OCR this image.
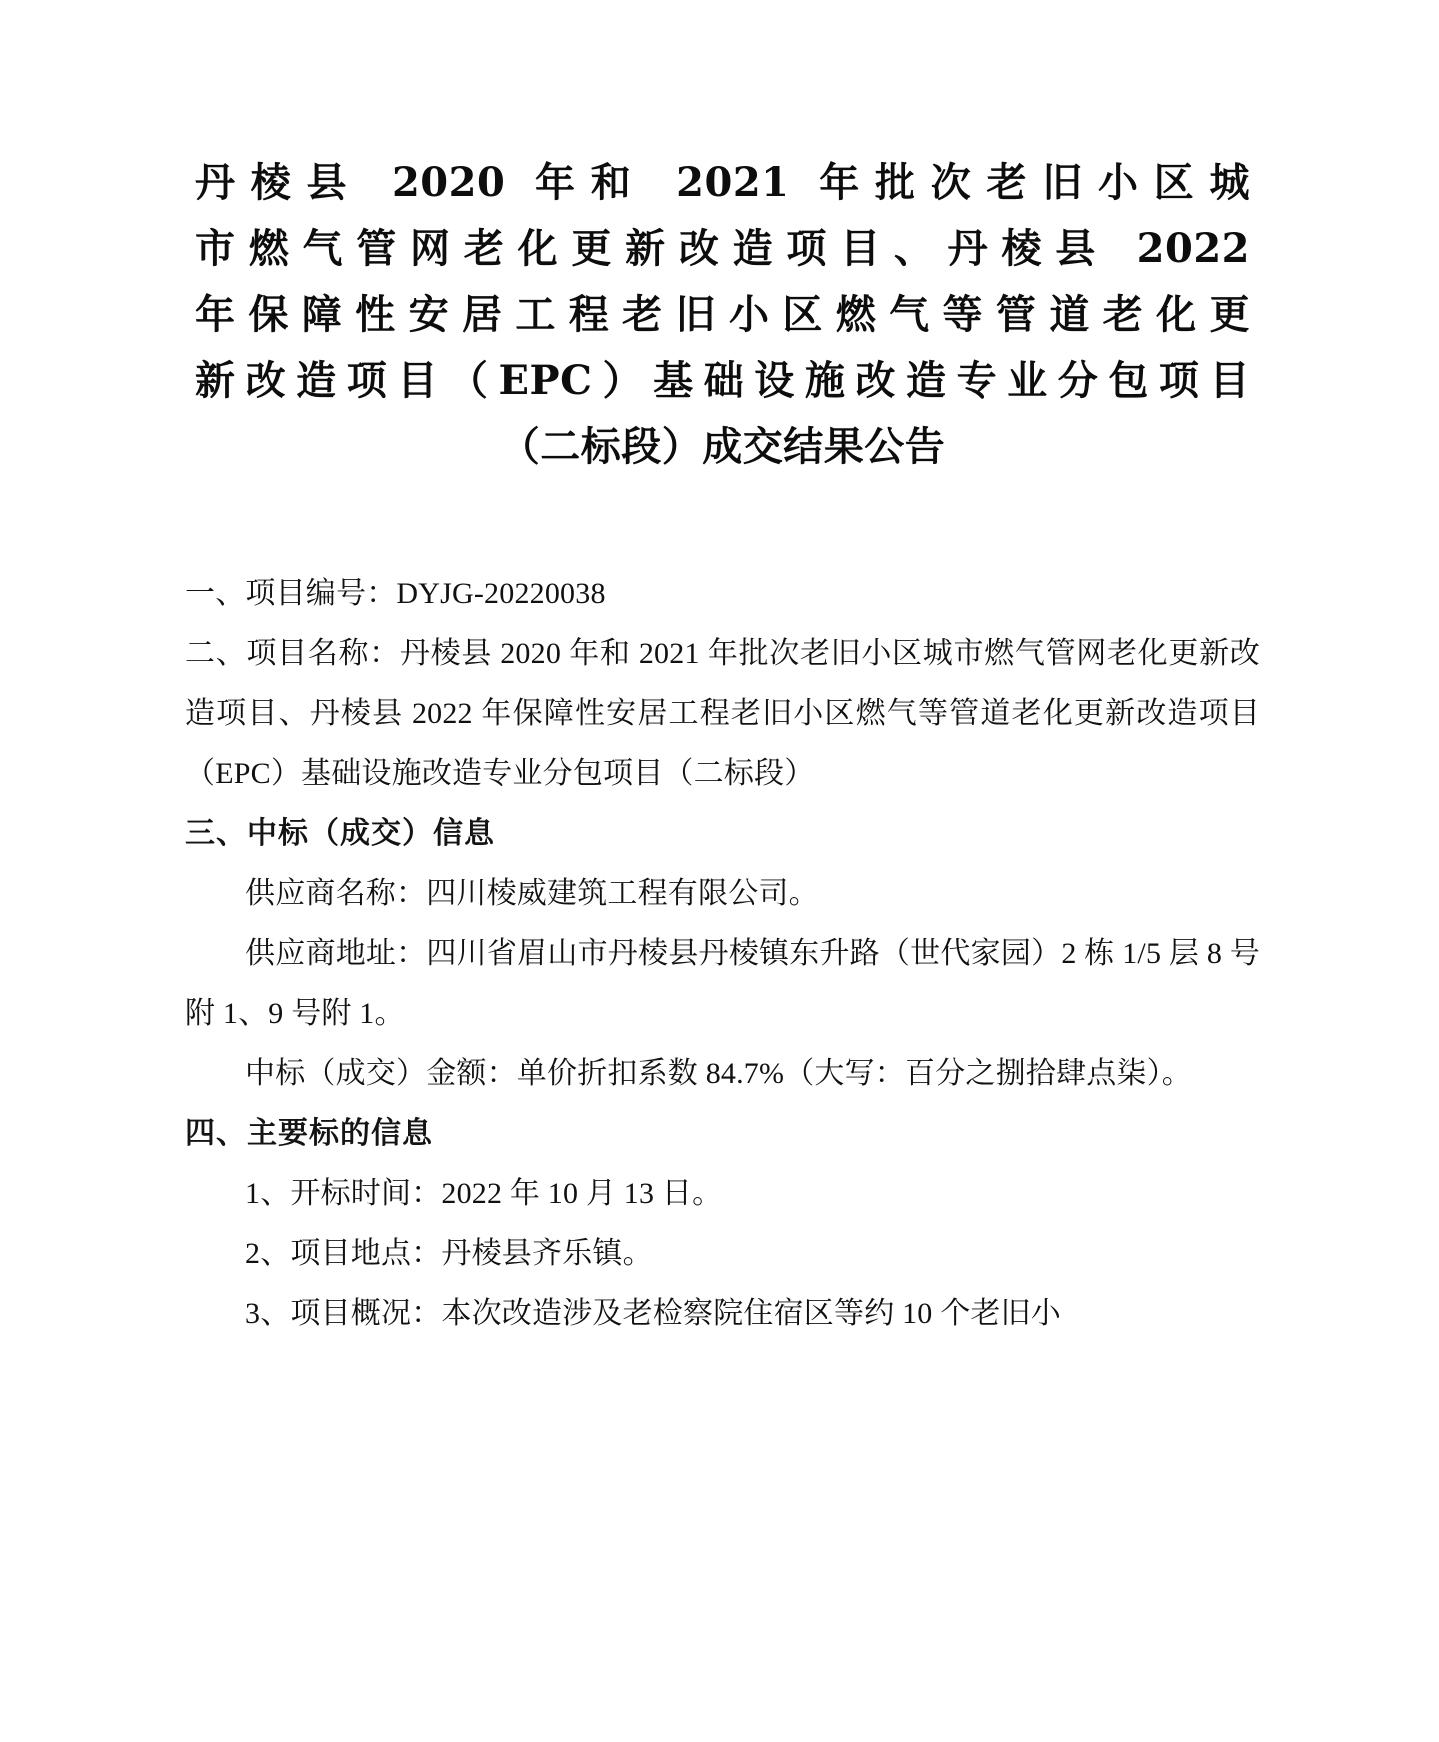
丹棱县 2020 年和 2021 年批次老旧小区城
市燃气管网老化更新改造项目、丹棱县 2022
年保障性安居工程老旧小区燃气等管道老化更
新改造项目（EPC）基础设施改造专业分包项目
（二标段）成交结果公告

一、项目编号：DYJG-20220038

二、项目名称：丹棱县 2020 年和 2021 年批次老旧小区城市燃气管网老化更新改造项目、丹棱县 2022 年保障性安居工程老旧小区燃气等管道老化更新改造项目（EPC）基础设施改造专业分包项目（二标段）

三、中标（成交）信息

供应商名称：四川棱威建筑工程有限公司。

供应商地址：四川省眉山市丹棱县丹棱镇东升路（世代家园）2 栋 1/5 层 8 号附 1、9 号附 1。

中标（成交）金额：单价折扣系数 84.7%（大写：百分之捌拾肆点柒）。

四、主要标的信息

1、开标时间：2022 年 10 月 13 日。

2、项目地点：丹棱县齐乐镇。

3、项目概况：本次改造涉及老检察院住宿区等约 10 个老旧小
